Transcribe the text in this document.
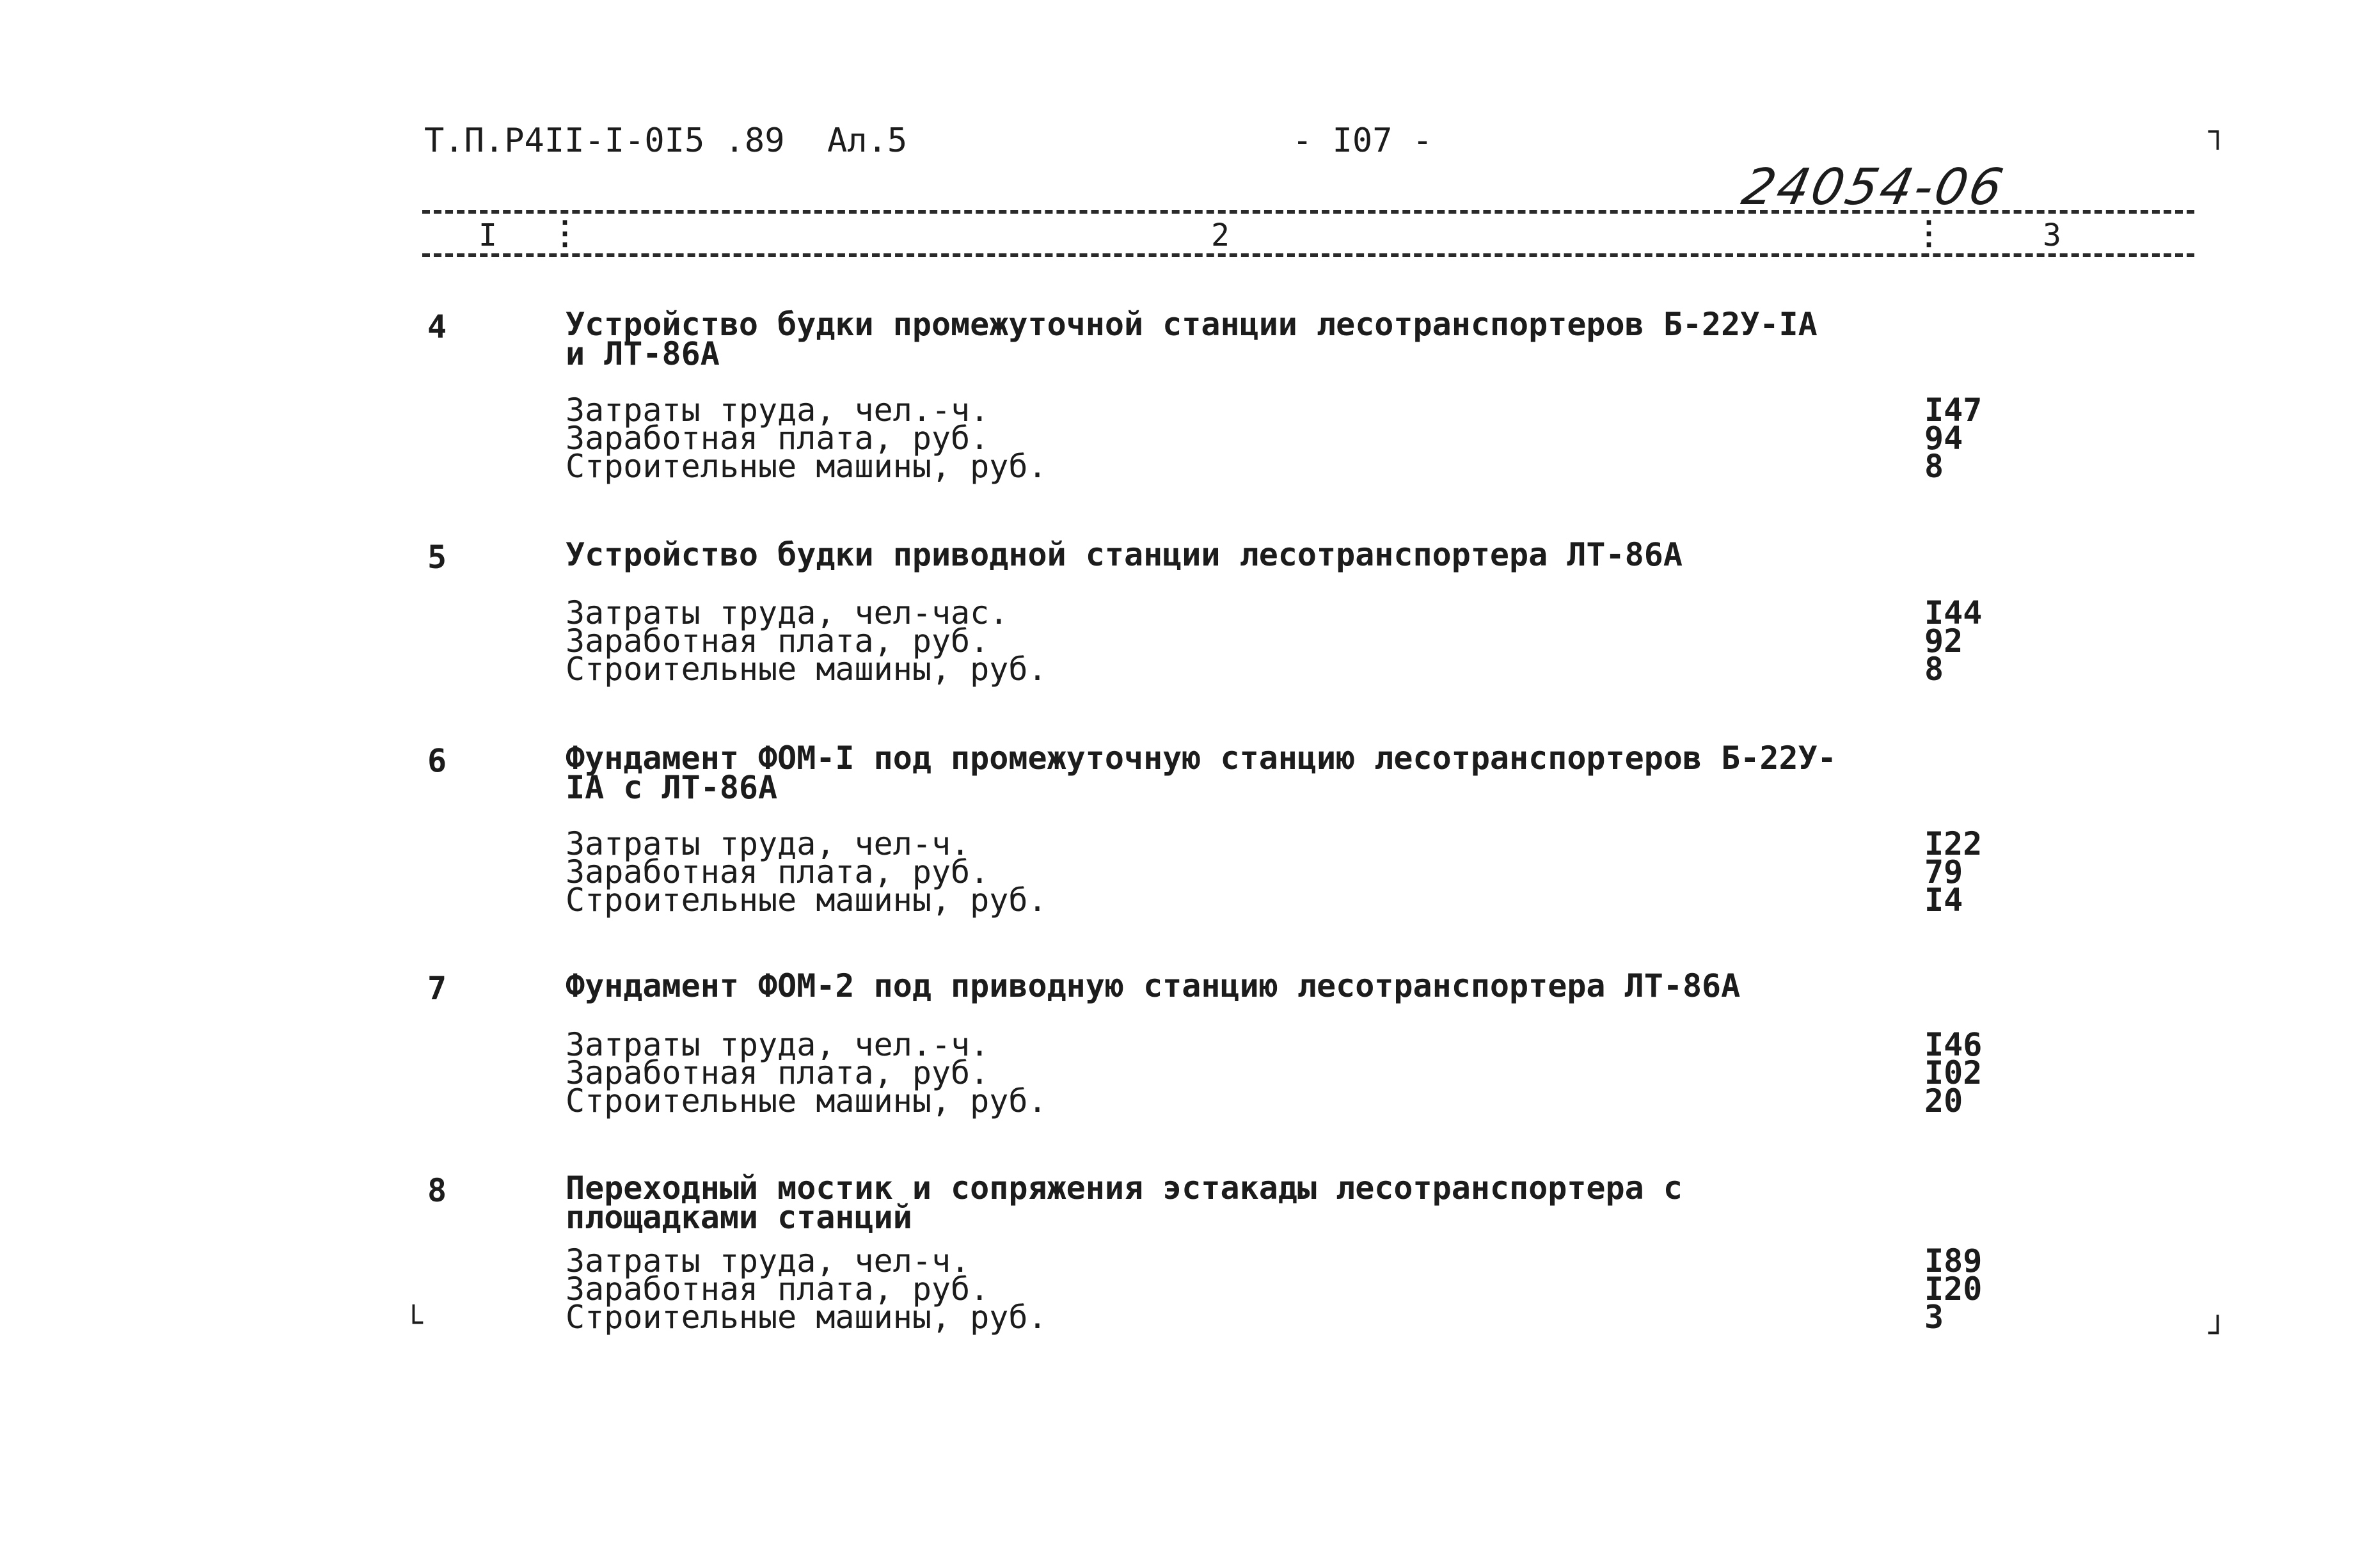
Т.П.Р4II-I-0I5 .89 Ал.5	- I07 -	┐
24054-06
I ⋮	2	⋮	3
4	Устройство будки промежуточной станции лесотранспортеров Б-22У-IА и ЛТ-86А
Затраты труда, чел.-ч.	I47
Заработная плата, руб.	94
Строительные машины, руб.	8
5	Устройство будки приводной станции лесотранспортера ЛТ-86А
Затраты труда, чел-час.	I44
Заработная плата, руб.	92
Строительные машины, руб.	8
6	Фундамент ФОМ-I под промежуточную станцию лесотранспортеров Б-22У-IА с ЛТ-86А
Затраты труда, чел-ч.	I22
Заработная плата, руб.	79
Строительные машины, руб.	I4
7	Фундамент ФОМ-2 под приводную станцию лесотранспортера ЛТ-86А
Затраты труда, чел.-ч.	I46
Заработная плата, руб.	I02
Строительные машины, руб.	20
8	Переходный мостик и сопряжения эстакады лесотранспортера с площадками станций
Затраты труда, чел-ч.	I89
Заработная плата, руб.	I20
Строительные машины, руб.	3
└	┘
